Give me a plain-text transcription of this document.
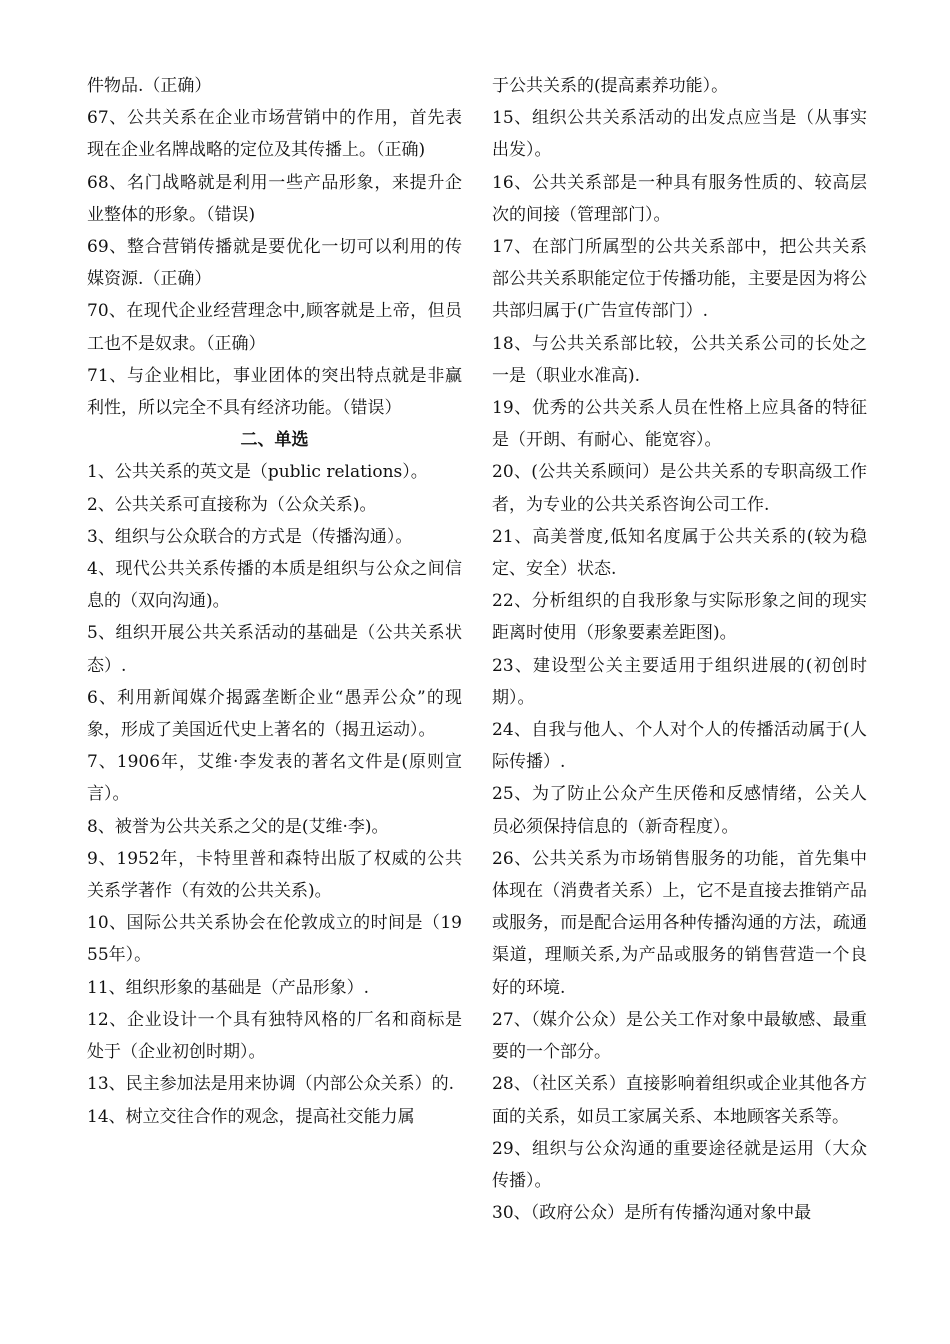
件物品.（正确）

67、公共关系在企业市场营销中的作用，首先表现在企业名牌战略的定位及其传播上。（正确)

68、名门战略就是利用一些产品形象，来提升企业整体的形象。（错误)

69、整合营销传播就是要优化一切可以利用的传媒资源.（正确）

70、在现代企业经营理念中,顾客就是上帝，但员工也不是奴隶。（正确）

71、与企业相比，事业团体的突出特点就是非赢利性，所以完全不具有经济功能。（错误）

二、单选

1、公共关系的英文是（public relations）。

2、公共关系可直接称为（公众关系)。

3、组织与公众联合的方式是（传播沟通）。

4、现代公共关系传播的本质是组织与公众之间信息的（双向沟通)。

5、组织开展公共关系活动的基础是（公共关系状态）.

6、利用新闻媒介揭露垄断企业“愚弄公众”的现象，形成了美国近代史上著名的（揭丑运动）。

7、1906年，艾维·李发表的著名文件是(原则宣言）。

8、被誉为公共关系之父的是(艾维·李)。

9、1952年，卡特里普和森特出版了权威的公共关系学著作（有效的公共关系)。

10、国际公共关系协会在伦敦成立的时间是（1955年）。

11、组织形象的基础是（产品形象）.

12、企业设计一个具有独特风格的厂名和商标是处于（企业初创时期）。

13、民主参加法是用来协调（内部公众关系）的.

14、树立交往合作的观念，提高社交能力属

于公共关系的(提高素养功能）。

15、组织公共关系活动的出发点应当是（从事实出发）。

16、公共关系部是一种具有服务性质的、较高层次的间接（管理部门）。

17、在部门所属型的公共关系部中，把公共关系部公共关系职能定位于传播功能，主要是因为将公共部归属于(广告宣传部门）.

18、与公共关系部比较，公共关系公司的长处之一是（职业水准高).

19、优秀的公共关系人员在性格上应具备的特征是（开朗、有耐心、能宽容）。

20、(公共关系顾问）是公共关系的专职高级工作者，为专业的公共关系咨询公司工作.

21、高美誉度,低知名度属于公共关系的(较为稳定、安全）状态.

22、分析组织的自我形象与实际形象之间的现实距离时使用（形象要素差距图)。

23、建设型公关主要适用于组织进展的(初创时期）。

24、自我与他人、个人对个人的传播活动属于(人际传播）.

25、为了防止公众产生厌倦和反感情绪，公关人员必须保持信息的（新奇程度）。

26、公共关系为市场销售服务的功能，首先集中体现在（消费者关系）上，它不是直接去推销产品或服务，而是配合运用各种传播沟通的方法，疏通渠道，理顺关系,为产品或服务的销售营造一个良好的环境.

27、（媒介公众）是公关工作对象中最敏感、最重要的一个部分。

28、（社区关系）直接影响着组织或企业其他各方面的关系，如员工家属关系、本地顾客关系等。

29、组织与公众沟通的重要途径就是运用（大众传播）。

30、（政府公众）是所有传播沟通对象中最
